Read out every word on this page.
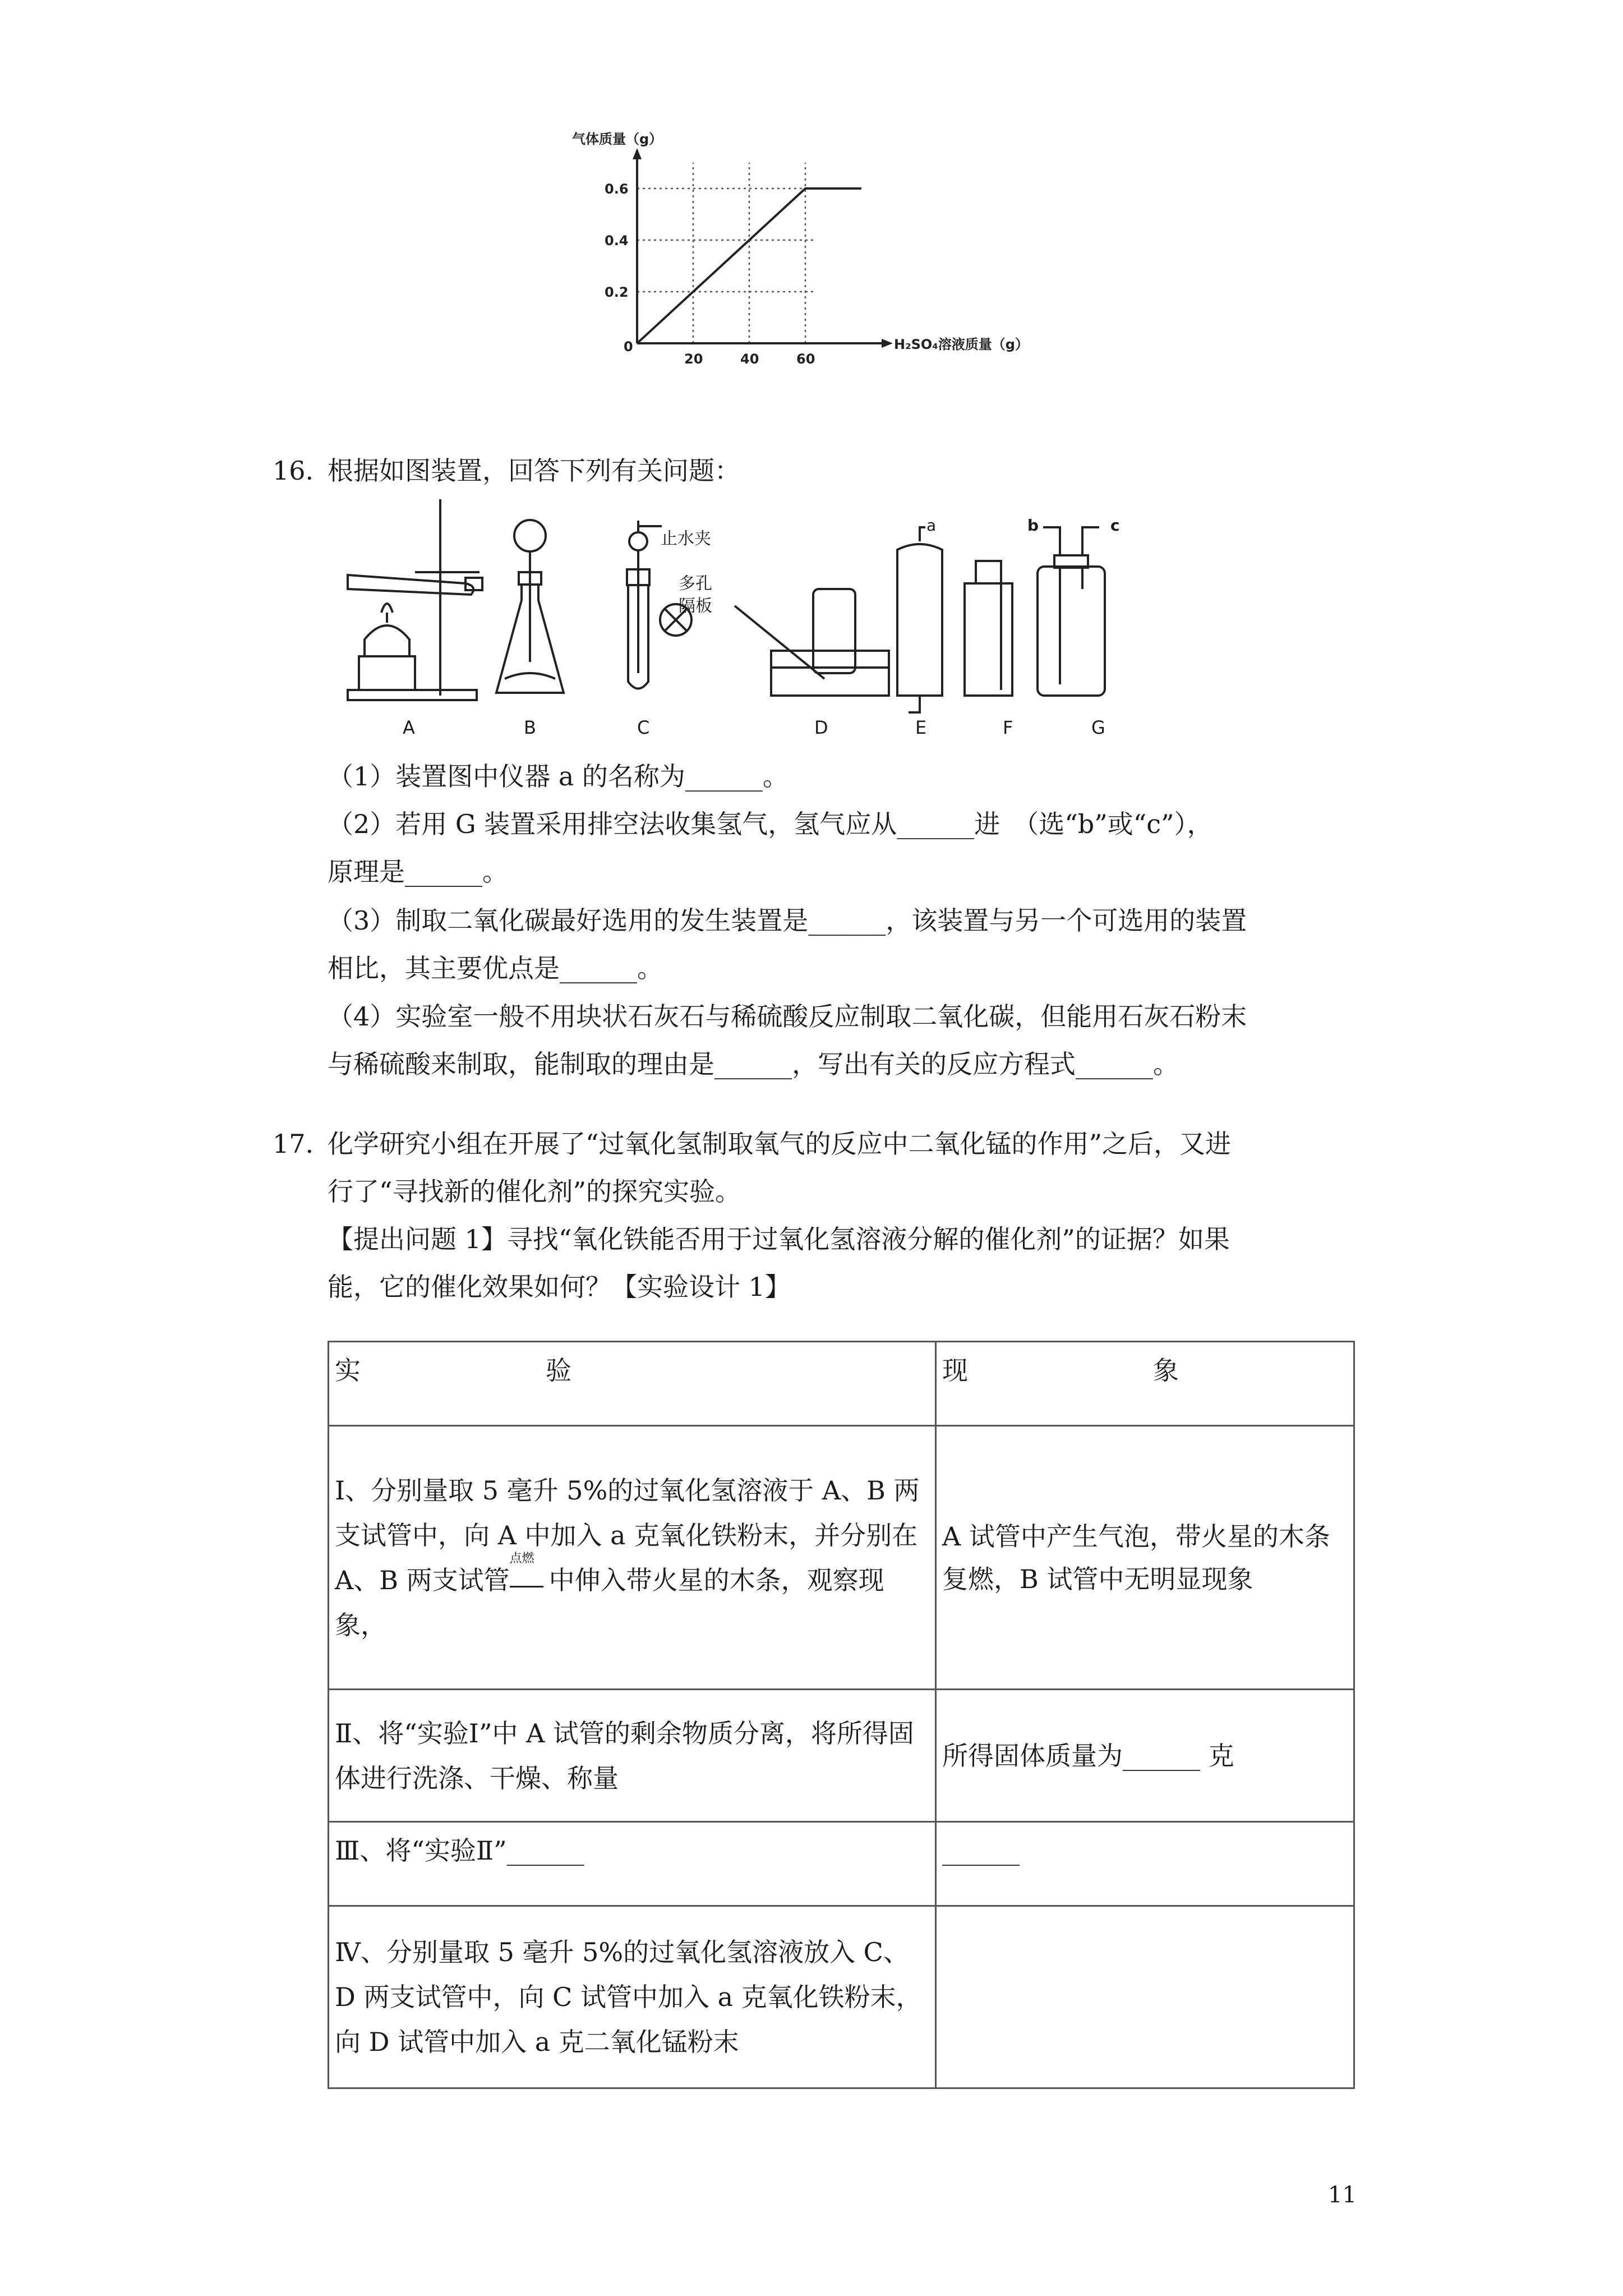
气体质量（g）
H₂SO₄溶液质量（g）
0
20	40	60
0.2
0.4
0.6
16. 根据如图装置，回答下列有关问题：
止水夹
多孔
隔板
a	b	c
A	B	C	D	E	F	G
（1）装置图中仪器 a 的名称为______。
（2）若用 G 装置采用排空法收集氢气，氢气应从______进　（选“b”或“c”），
原理是______。
（3）制取二氧化碳最好选用的发生装置是______，该装置与另一个可选用的装置
相比，其主要优点是______。
（4）实验室一般不用块状石灰石与稀硫酸反应制取二氧化碳，但能用石灰石粉末
与稀硫酸来制取，能制取的理由是______，写出有关的反应方程式______。
17. 化学研究小组在开展了“过氧化氢制取氧气的反应中二氧化锰的作用”之后，又进
行了“寻找新的催化剂”的探究实验。
【提出问题 1】寻找“氧化铁能否用于过氧化氢溶液分解的催化剂”的证据？如果
能，它的催化效果如何？【实验设计 1】
实 验	现 象
Ⅰ、分别量取 5 毫升 5%的过氧化氢溶液于 A、B 两支试管中，向 A 中加入 a 克氧化铁粉末，并分别在 A、B 两支试管
点燃
中伸入带火星的木条，观察现象，	A 试管中产生气泡，带火星的木条复燃，B 试管中无明显现象
Ⅱ、将“实验Ⅰ”中 A 试管的剩余物质分离，将所得固体进行洗涤、干燥、称量	所得固体质量为______ 克
Ⅲ、将“实验Ⅱ”______	______
Ⅳ、分别量取 5 毫升 5%的过氧化氢溶液放入 C、D 两支试管中，向 C 试管中加入 a 克氧化铁粉末，向 D 试管中加入 a 克二氧化锰粉末	
11
